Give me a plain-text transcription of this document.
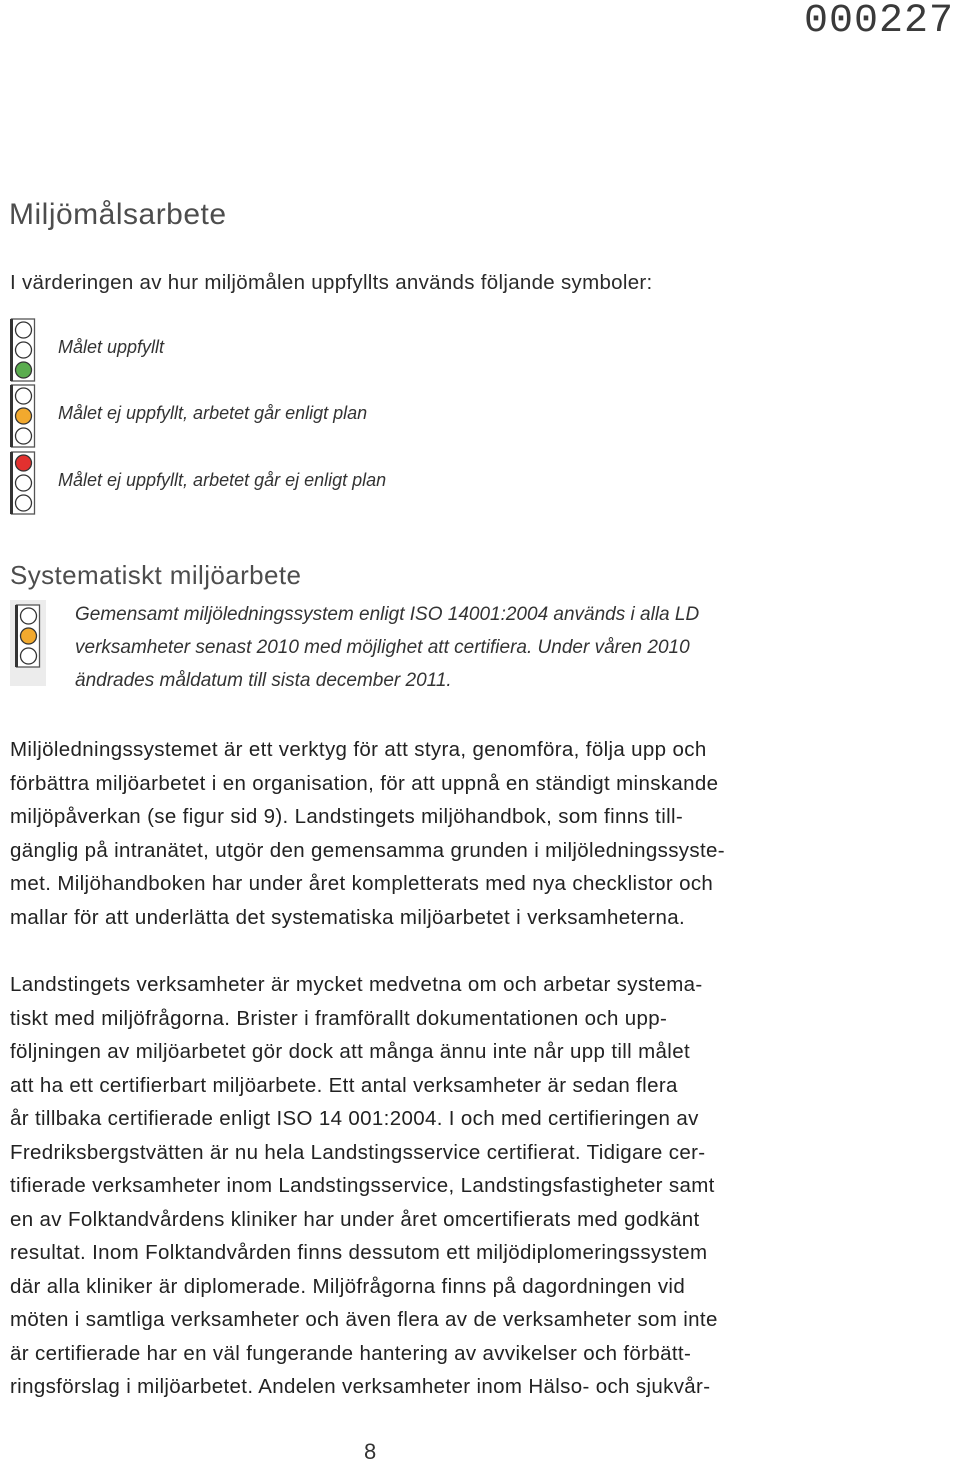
000227
Miljömålsarbete
I värderingen av hur miljömålen uppfyllts används följande symboler:
Målet uppfyllt
Målet ej uppfyllt, arbetet går enligt plan
Målet ej uppfyllt, arbetet går ej enligt plan
Systematiskt miljöarbete
Gemensamt miljöledningssystem enligt ISO 14001:2004 används i alla LD
verksamheter senast 2010 med möjlighet att certifiera. Under våren 2010
ändrades måldatum till sista december 2011.
Miljöledningssystemet är ett verktyg för att styra, genomföra, följa upp och
förbättra miljöarbetet i en organisation, för att uppnå en ständigt minskande
miljöpåverkan (se figur sid 9). Landstingets miljöhandbok, som finns till-
gänglig på intranätet, utgör den gemensamma grunden i miljöledningssyste-
met. Miljöhandboken har under året kompletterats med nya checklistor och
mallar för att underlätta det systematiska miljöarbetet i verksamheterna.
Landstingets verksamheter är mycket medvetna om och arbetar systema-
tiskt med miljöfrågorna. Brister i framförallt dokumentationen och upp-
följningen av miljöarbetet gör dock att många ännu inte når upp till målet
att ha ett certifierbart miljöarbete. Ett antal verksamheter är sedan flera
år tillbaka certifierade enligt ISO 14 001:2004. I och med certifieringen av
Fredriksbergstvätten är nu hela Landstingsservice certifierat. Tidigare cer-
tifierade verksamheter inom Landstingsservice, Landstingsfastigheter samt
en av Folktandvårdens kliniker har under året omcertifierats med godkänt
resultat. Inom Folktandvården finns dessutom ett miljödiplomeringssystem
där alla kliniker är diplomerade. Miljöfrågorna finns på dagordningen vid
möten i samtliga verksamheter och även flera av de verksamheter som inte
är certifierade har en väl fungerande hantering av avvikelser och förbätt-
ringsförslag i miljöarbetet. Andelen verksamheter inom Hälso- och sjukvår-
8
